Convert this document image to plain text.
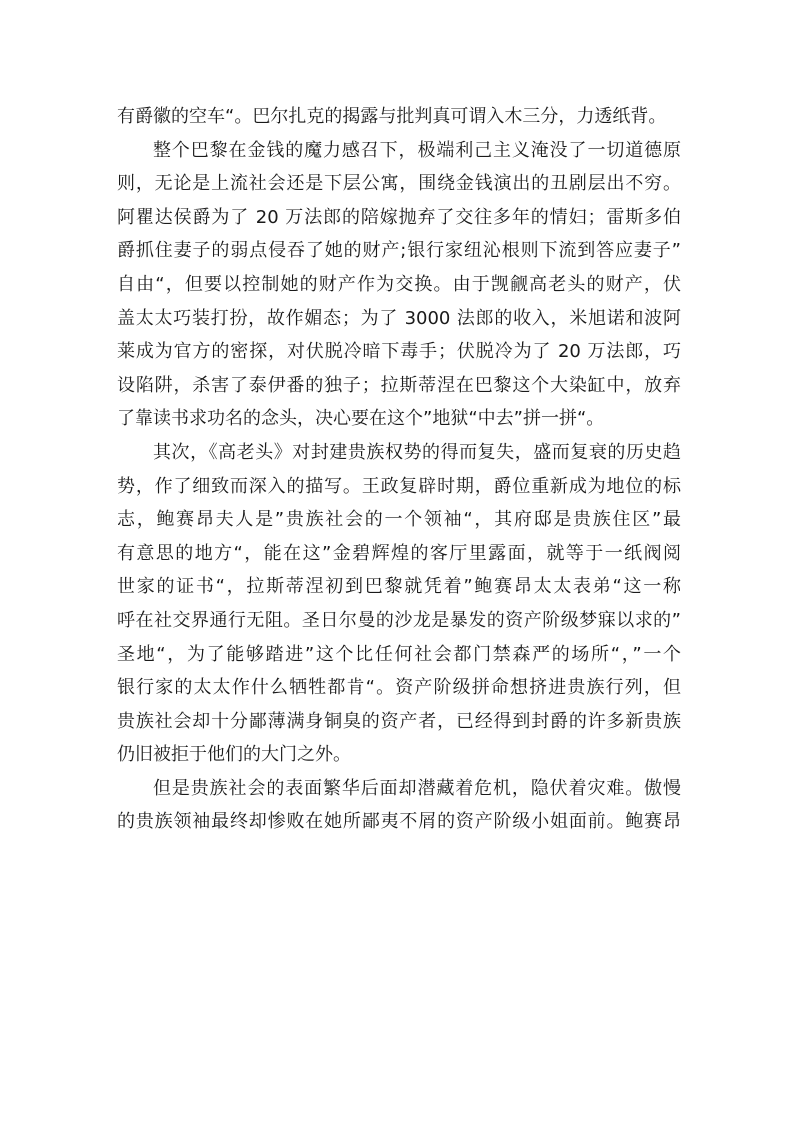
有爵徽的空车“。巴尔扎克的揭露与批判真可谓入木三分，力透纸背。
整个巴黎在金钱的魔力感召下，极端利己主义淹没了一切道德原
则，无论是上流社会还是下层公寓，围绕金钱演出的丑剧层出不穷。
阿瞿达侯爵为了 20 万法郎的陪嫁抛弃了交往多年的情妇；雷斯多伯
爵抓住妻子的弱点侵吞了她的财产;银行家纽沁根则下流到答应妻子”
自由“，但要以控制她的财产作为交换。由于觊觎高老头的财产，伏
盖太太巧装打扮，故作媚态；为了 3000 法郎的收入，米旭诺和波阿
莱成为官方的密探，对伏脱冷暗下毒手；伏脱冷为了 20 万法郎，巧
设陷阱，杀害了泰伊番的独子；拉斯蒂涅在巴黎这个大染缸中，放弃
了靠读书求功名的念头，决心要在这个”地狱“中去”拼一拼“。
其次，《高老头》对封建贵族权势的得而复失，盛而复衰的历史趋
势，作了细致而深入的描写。王政复辟时期，爵位重新成为地位的标
志，鲍赛昂夫人是”贵族社会的一个领袖“，其府邸是贵族住区”最
有意思的地方“，能在这”金碧辉煌的客厅里露面，就等于一纸阀阅
世家的证书“，拉斯蒂涅初到巴黎就凭着”鲍赛昂太太表弟“这一称
呼在社交界通行无阻。圣日尔曼的沙龙是暴发的资产阶级梦寐以求的”
圣地“，为了能够踏进”这个比任何社会都门禁森严的场所“，”一个
银行家的太太作什么牺牲都肯“。资产阶级拼命想挤进贵族行列，但
贵族社会却十分鄙薄满身铜臭的资产者，已经得到封爵的许多新贵族
仍旧被拒于他们的大门之外。
但是贵族社会的表面繁华后面却潜藏着危机，隐伏着灾难。傲慢
的贵族领袖最终却惨败在她所鄙夷不屑的资产阶级小姐面前。鲍赛昂
